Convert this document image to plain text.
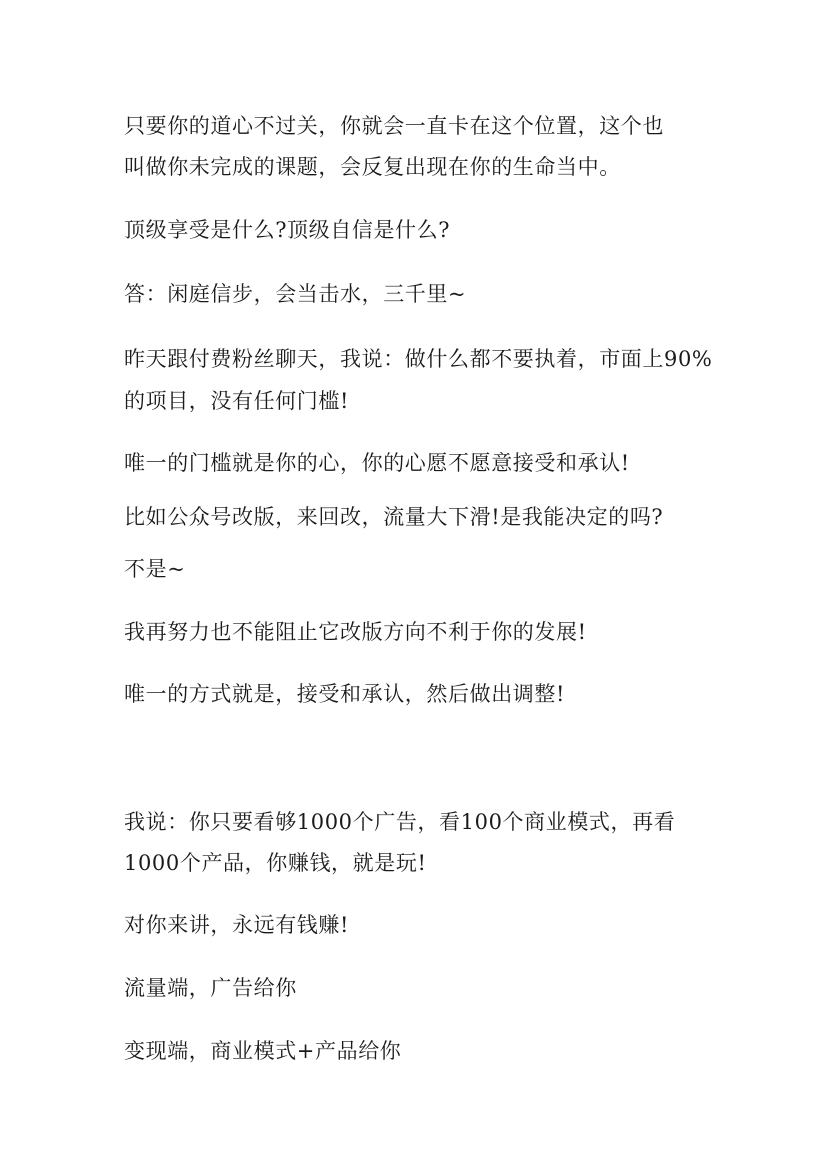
只要你的道心不过关，你就会一直卡在这个位置，这个也
叫做你未完成的课题，会反复出现在你的生命当中。
顶级享受是什么?顶级自信是什么?
答：闲庭信步，会当击水，三千里~
昨天跟付费粉丝聊天，我说：做什么都不要执着，市面上90%
的项目，没有任何门槛!
唯一的门槛就是你的心，你的心愿不愿意接受和承认!
比如公众号改版，来回改，流量大下滑!是我能决定的吗?
不是~
我再努力也不能阻止它改版方向不利于你的发展!
唯一的方式就是，接受和承认，然后做出调整!
我说：你只要看够1000个广告，看100个商业模式，再看
1000个产品，你赚钱，就是玩!
对你来讲，永远有钱赚!
流量端，广告给你
变现端，商业模式+产品给你
